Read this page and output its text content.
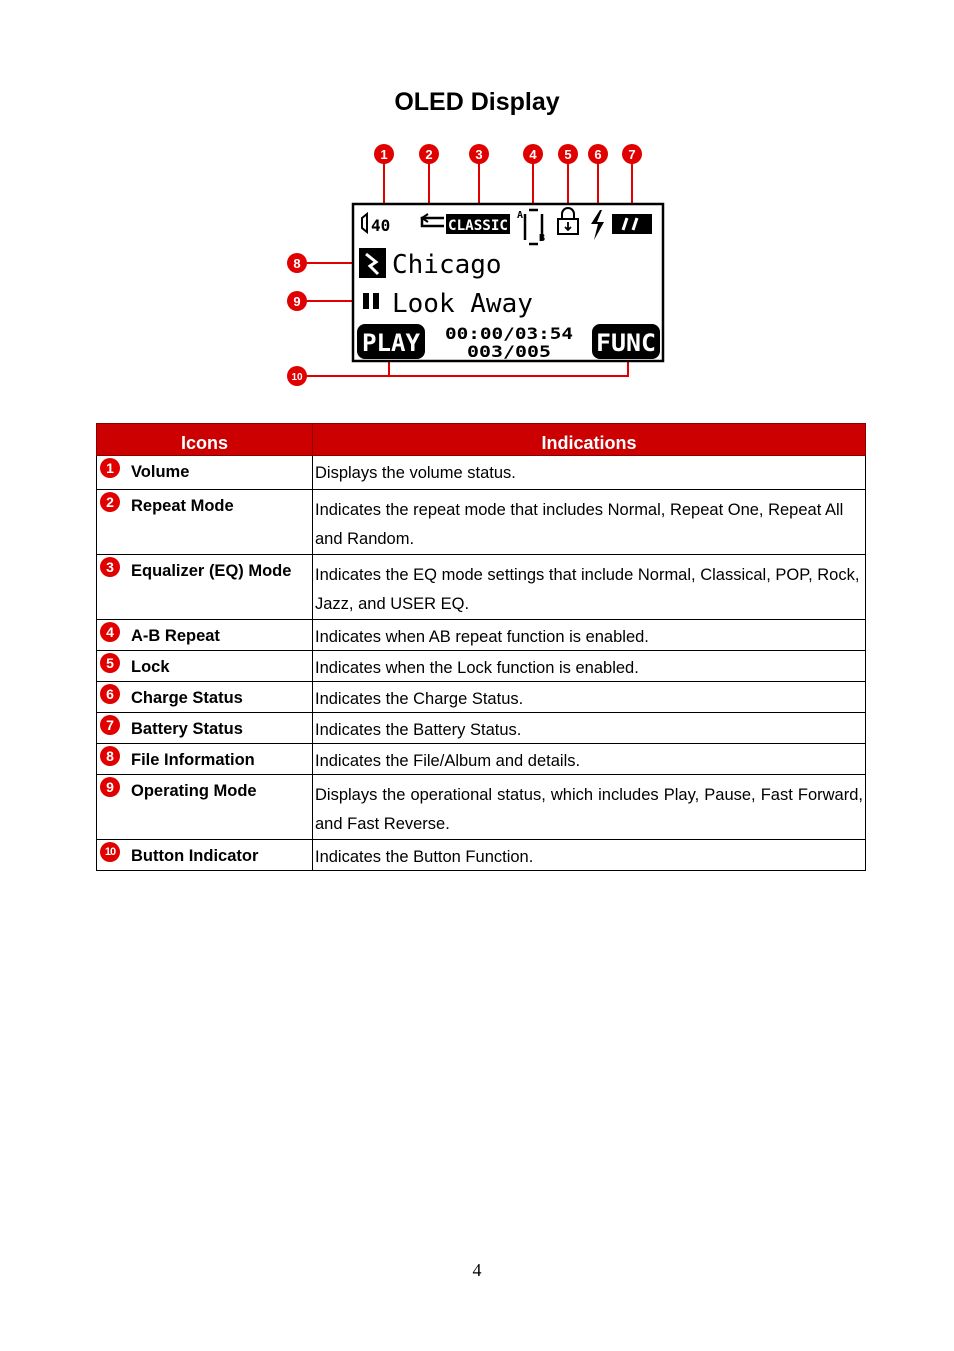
OLED Display
40	CLASSIC
A
B
Chicago
Look Away
PLAY 00:00/03:54
003/005 FUNC
1	2	3	4 5 6 7
8
9
10
Icons	Indications

1 Volume	Displays the volume status.

2 Repeat Mode	Indicates the repeat mode that includes Normal, Repeat One, Repeat All and Random.

3 Equalizer (EQ) Mode	Indicates the EQ mode settings that include Normal, Classical, POP, Rock, Jazz, and USER EQ.

4 A-B Repeat	Indicates when AB repeat function is enabled.

5 Lock	Indicates when the Lock function is enabled.

6 Charge Status	Indicates the Charge Status.

7 Battery Status	Indicates the Battery Status.

8 File Information	Indicates the File/Album and details.

9 Operating Mode	Displays the operational status, which includes Play, Pause, Fast Forward, and Fast Reverse.

10 Button Indicator	Indicates the Button Function.
4
